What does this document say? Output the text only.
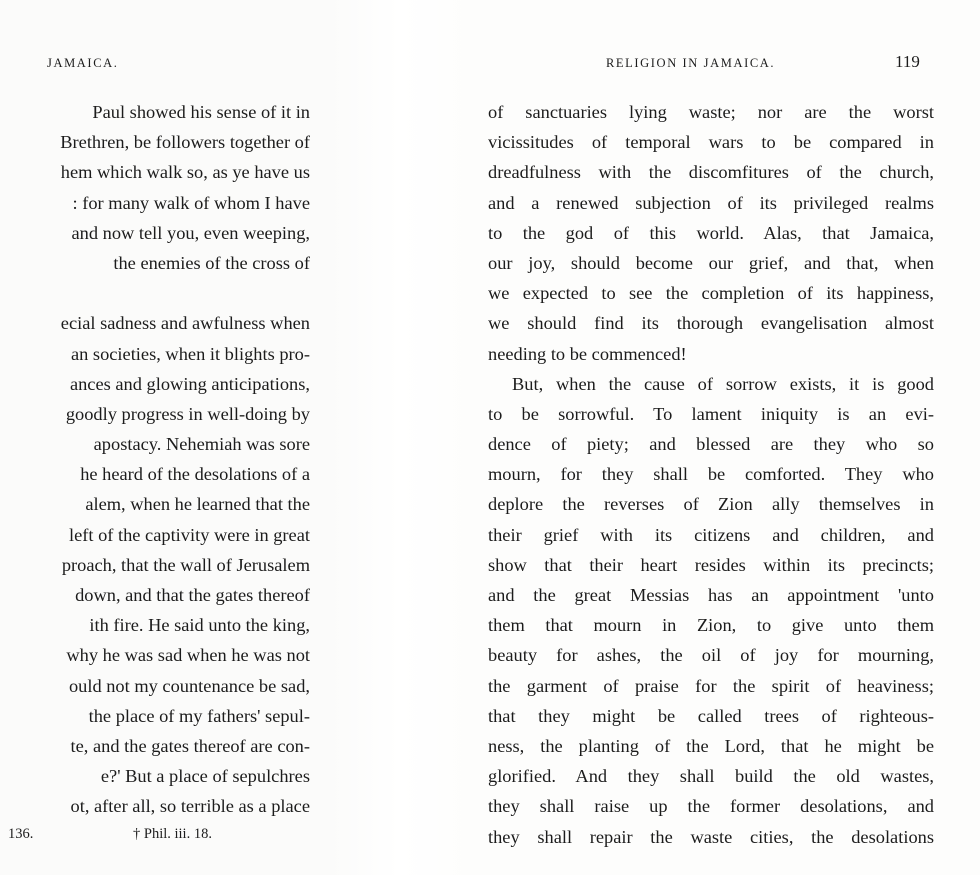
JAMAICA.
Paul showed his sense of it in
Brethren, be followers together of
hem which walk so, as ye have us
: for many walk of whom I have
and now tell you, even weeping,
the enemies of the cross of
ecial sadness and awfulness when
an societies, when it blights pro-
ances and glowing anticipations,
goodly progress in well-doing by
apostacy. Nehemiah was sore
he heard of the desolations of a
alem, when he learned that the
left of the captivity were in great
proach, that the wall of Jerusalem
down, and that the gates thereof
ith fire. He said unto the king,
why he was sad when he was not
ould not my countenance be sad,
the place of my fathers' sepul-
te, and the gates thereof are con-
e?' But a place of sepulchres
ot, after all, so terrible as a place
136.	† Phil. iii. 18.
RELIGION IN JAMAICA.	119
of sanctuaries lying waste; nor are the worst
vicissitudes of temporal wars to be compared in
dreadfulness with the discomfitures of the church,
and a renewed subjection of its privileged realms
to the god of this world. Alas, that Jamaica,
our joy, should become our grief, and that, when
we expected to see the completion of its happiness,
we should find its thorough evangelisation almost
needing to be commenced!
But, when the cause of sorrow exists, it is good
to be sorrowful. To lament iniquity is an evi-
dence of piety; and blessed are they who so
mourn, for they shall be comforted. They who
deplore the reverses of Zion ally themselves in
their grief with its citizens and children, and
show that their heart resides within its precincts;
and the great Messias has an appointment 'unto
them that mourn in Zion, to give unto them
beauty for ashes, the oil of joy for mourning,
the garment of praise for the spirit of heaviness;
that they might be called trees of righteous-
ness, the planting of the Lord, that he might be
glorified. And they shall build the old wastes,
they shall raise up the former desolations, and
they shall repair the waste cities, the desolations
